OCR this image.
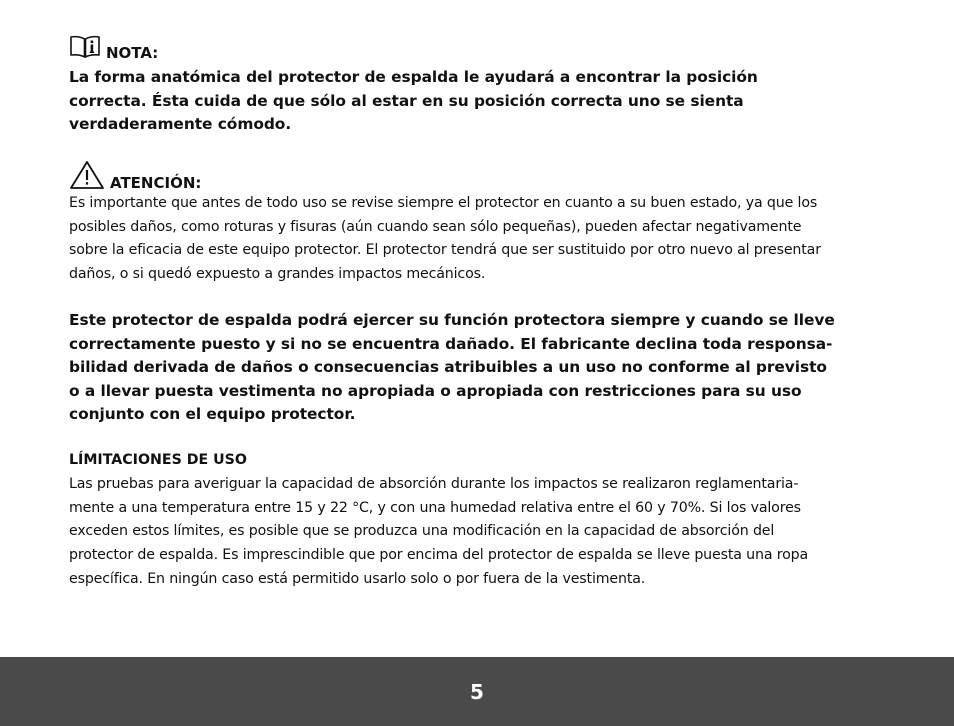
NOTA:
La forma anatómica del protector de espalda le ayudará a encontrar la posición
correcta. Ésta cuida de que sólo al estar en su posición correcta uno se sienta
verdaderamente cómodo.
ATENCIÓN:
Es importante que antes de todo uso se revise siempre el protector en cuanto a su buen estado, ya que los
posibles daños, como roturas y fisuras (aún cuando sean sólo pequeñas), pueden afectar negativamente
sobre la eficacia de este equipo protector. El protector tendrá que ser sustituido por otro nuevo al presentar
daños, o si quedó expuesto a grandes impactos mecánicos.
Este protector de espalda podrá ejercer su función protectora siempre y cuando se lleve
correctamente puesto y si no se encuentra dañado. El fabricante declina toda responsa-
bilidad derivada de daños o consecuencias atribuibles a un uso no conforme al previsto
o a llevar puesta vestimenta no apropiada o apropiada con restricciones para su uso
conjunto con el equipo protector.
LÍMITACIONES DE USO
Las pruebas para averiguar la capacidad de absorción durante los impactos se realizaron reglamentaria-
mente a una temperatura entre 15 y 22 °C, y con una humedad relativa entre el 60 y 70%. Si los valores
exceden estos límites, es posible que se produzca una modificación en la capacidad de absorción del
protector de espalda. Es imprescindible que por encima del protector de espalda se lleve puesta una ropa
específica. En ningún caso está permitido usarlo solo o por fuera de la vestimenta.
5
